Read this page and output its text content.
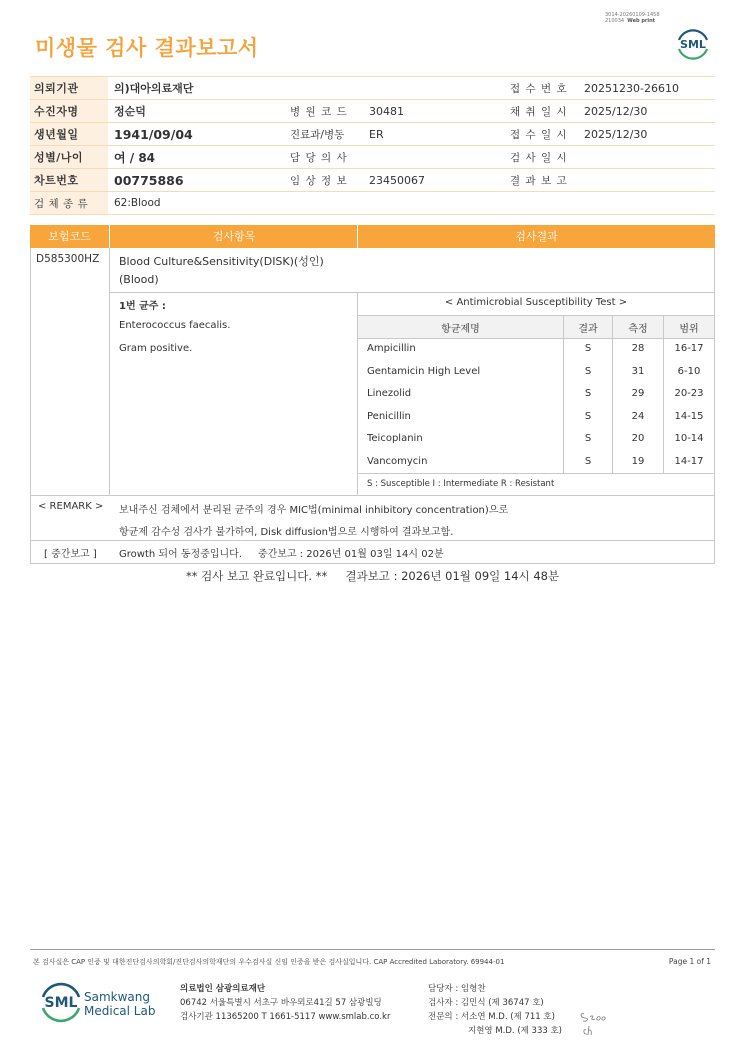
3014-20260109-1458
210034 Web print
미생물 검사 결과보고서	SML
의뢰기관	의)대아의료재단			접 수 번 호	20251230-26610
수진자명	정순덕	병 원 코 드	30481	채 취 일 시	2025/12/30
생년월일	1941/09/04	진료과/병동	ER	접 수 일 시	2025/12/30
성별/나이	여 / 84	담 당 의 사		검 사 일 시	
차트번호	00775886	임 상 정 보	23450067	결 과 보 고	
검 체 종 류	62:Blood				
보험코드	검사항목	검사결과
D585300HZ Blood Culture&Sensitivity(DISK)(성인)
(Blood)
1번 균주 :
Enterococcus faecalis.
Gram positive.
< Antimicrobial Susceptibility Test >
항균제명	결과	측정	범위
Ampicillin	S	28	16-17
Gentamicin High Level	S	31	6-10
Linezolid	S	29	20-23
Penicillin	S	24	14-15
Teicoplanin	S	20	10-14
Vancomycin	S	19	14-17
S : Susceptible I : Intermediate R : Resistant
< REMARK > 보내주신 검체에서 분리된 균주의 경우 MIC법(minimal inhibitory concentration)으로
항균제 감수성 검사가 불가하여, Disk diffusion법으로 시행하여 결과보고함.
[ 중간보고 ] Growth 되어 동정중입니다.     중간보고 : 2026년 01월 03일 14시 02분
** 검사 보고 완료입니다. **     결과보고 : 2026년 01월 09일 14시 48분
본 검사실은 CAP 인증 및 대한진단검사의학회/진단검사의학재단의 우수검사실 신임 인증을 받은 검사실입니다. CAP Accredited Laboratory. 69944-01	Page 1 of 1
SML Samkwang
Medical Lab
의료법인 삼광의료재단
06742 서울특별시 서초구 바우뫼로41길 57 삼광빌딩
검사기관 11365200 T 1661-5117 www.smlab.co.kr
담당자 : 임형찬
검사자 : 김민식 (제 36747 호)
전문의 : 서소연 M.D. (제 711 호)
지현영 M.D. (제 333 호)
